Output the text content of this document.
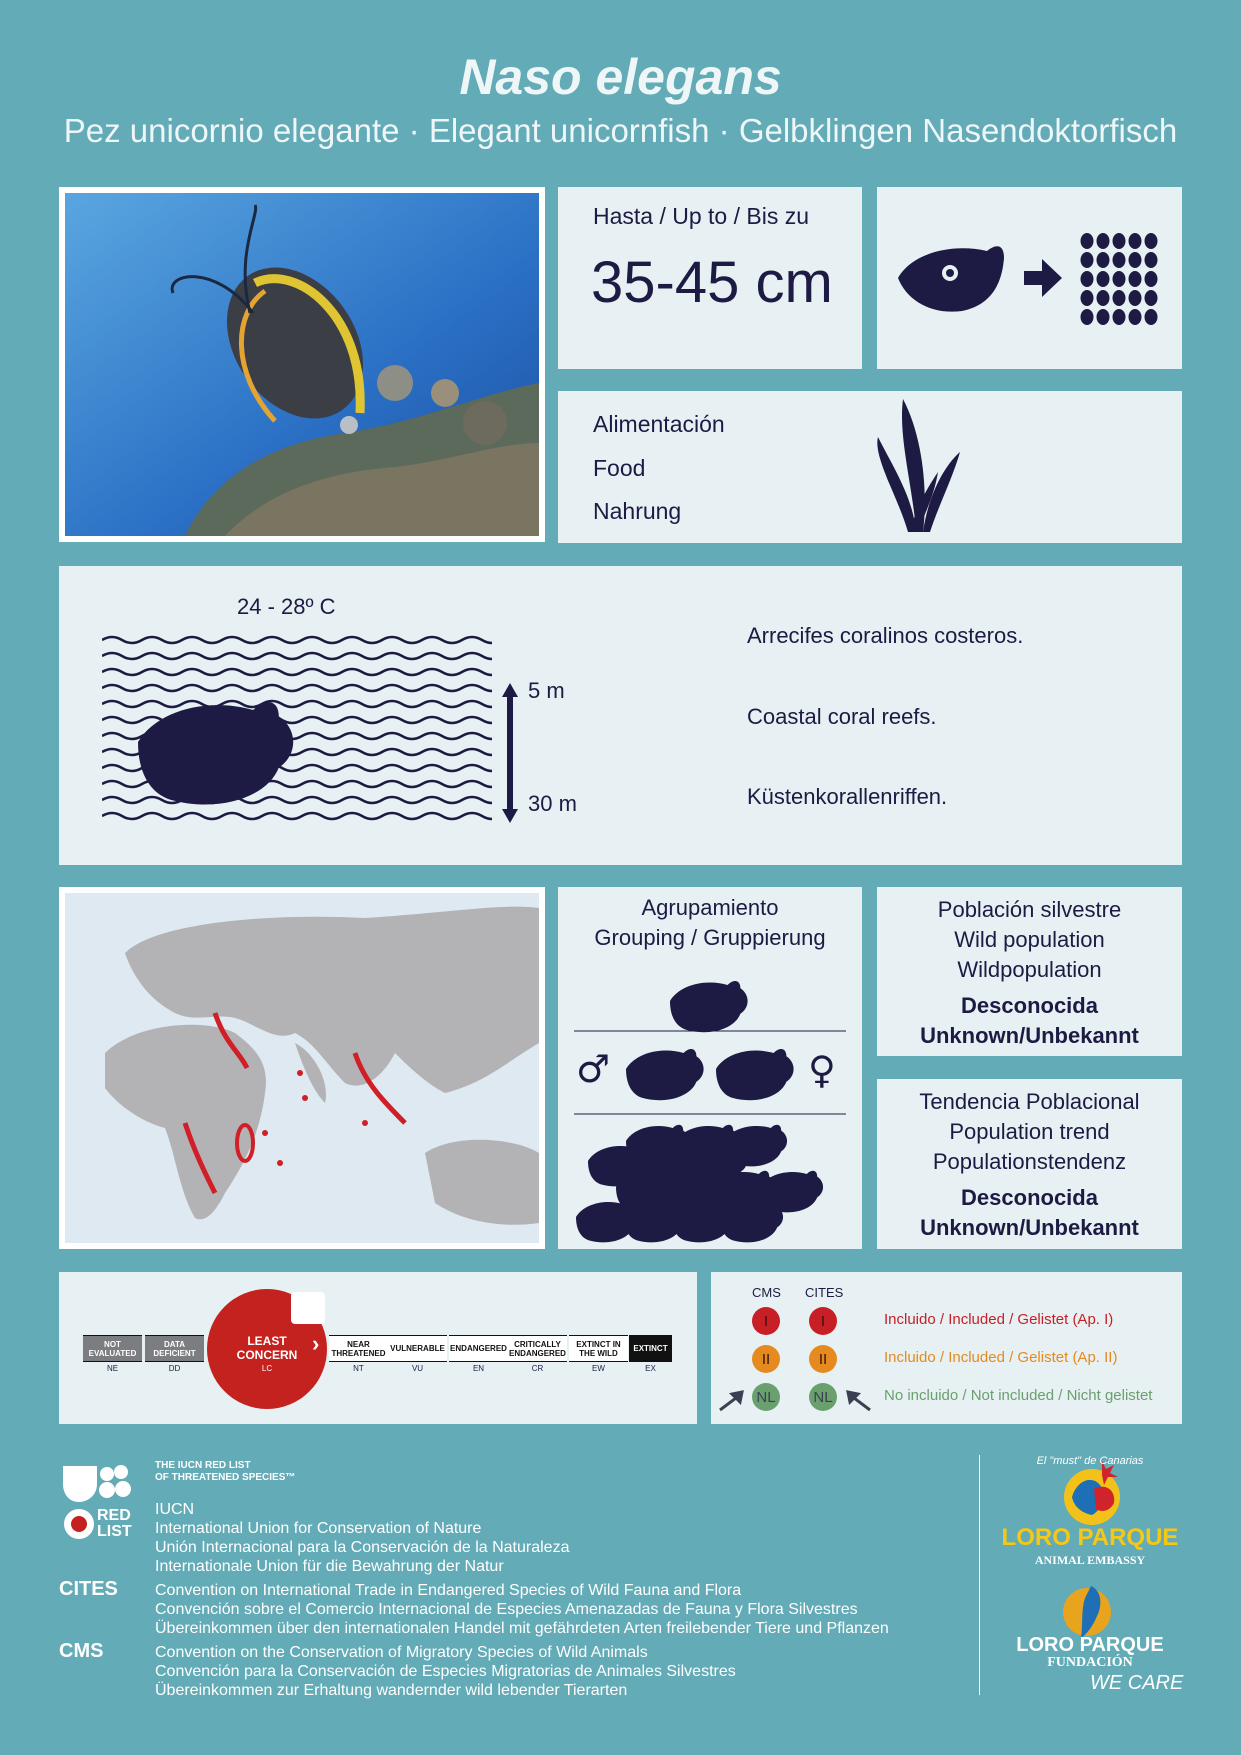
Naso elegans
Pez unicornio elegante · Elegant unicornfish · Gelbklingen Nasendoktorfisch
Hasta / Up to / Bis zu
35-45 cm
Alimentación
Food
Nahrung
24 - 28º C
5 m
30 m
Arrecifes coralinos costeros.
Coastal coral reefs.
Küstenkorallenriffen.
Agrupamiento
Grouping / Gruppierung
♂	♀
Población silvestre
Wild population
Wildpopulation
Desconocida
Unknown/Unbekannt
Tendencia Poblacional
Population trend
Populationstendenz
Desconocida
Unknown/Unbekannt
NOT EVALUATED
NE
DATA DEFICIENT
DD
LEAST CONCERN
LC
›	NEAR THREATENED
NT
VULNERABLE
VU
ENDANGERED
EN
CRITICALLY ENDANGERED
CR
EXTINCT IN THE WILD
EW
EXTINCT
EX
CMS CITES
I	I	Incluido / Included / Gelistet (Ap. I)
II	II	Incluido / Included / Gelistet (Ap. II)
NL	NL	No incluido / Not included / Nicht gelistet
RED
LIST
THE IUCN RED LIST
OF THREATENED SPECIES™
IUCN
International Union for Conservation of Nature
Unión Internacional para la Conservación de la Naturaleza
Internationale Union für die Bewahrung der Natur
CITES Convention on International Trade in Endangered Species of Wild Fauna and Flora
Convención sobre el Comercio Internacional de Especies Amenazadas de Fauna y Flora Silvestres
Übereinkommen über den internationalen Handel mit gefährdeten Arten freilebender Tiere und Pflanzen
CMS	Convention on the Conservation of Migratory Species of Wild Animals
Convención para la Conservación de Especies Migratorias de Animales Silvestres
Übereinkommen zur Erhaltung wandernder wild lebender Tierarten
El "must" de Canarias
LORO PARQUE
ANIMAL EMBASSY
LORO PARQUE
FUNDACIÓN
WE CARE
